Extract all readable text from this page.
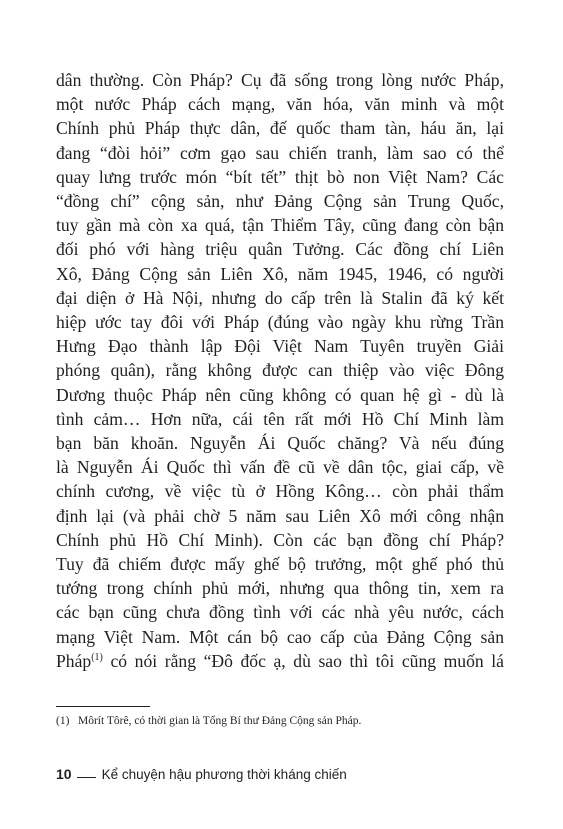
dân thường. Còn Pháp? Cụ đã sống trong lòng nước Pháp,
một nước Pháp cách mạng, văn hóa, văn minh và một
Chính phủ Pháp thực dân, đế quốc tham tàn, háu ăn, lại
đang “đòi hỏi” cơm gạo sau chiến tranh, làm sao có thể
quay lưng trước món “bít tết” thịt bò non Việt Nam? Các
“đồng chí” cộng sản, như Đảng Cộng sản Trung Quốc,
tuy gần mà còn xa quá, tận Thiểm Tây, cũng đang còn bận
đối phó với hàng triệu quân Tưởng. Các đồng chí Liên
Xô, Đảng Cộng sản Liên Xô, năm 1945, 1946, có người
đại diện ở Hà Nội, nhưng do cấp trên là Stalin đã ký kết
hiệp ước tay đôi với Pháp (đúng vào ngày khu rừng Trần
Hưng Đạo thành lập Đội Việt Nam Tuyên truyền Giải
phóng quân), rằng không được can thiệp vào việc Đông
Dương thuộc Pháp nên cũng không có quan hệ gì - dù là
tình cảm… Hơn nữa, cái tên rất mới Hồ Chí Minh làm
bạn băn khoăn. Nguyễn Ái Quốc chăng? Và nếu đúng
là Nguyễn Ái Quốc thì vấn đề cũ về dân tộc, giai cấp, về
chính cương, về việc tù ở Hồng Kông… còn phải thẩm
định lại (và phải chờ 5 năm sau Liên Xô mới công nhận
Chính phủ Hồ Chí Minh). Còn các bạn đồng chí Pháp?
Tuy đã chiếm được mấy ghế bộ trưởng, một ghế phó thủ
tướng trong chính phủ mới, nhưng qua thông tin, xem ra
các bạn cũng chưa đồng tình với các nhà yêu nước, cách
mạng Việt Nam. Một cán bộ cao cấp của Đảng Cộng sản
Pháp$^{(1)}$ có nói rằng “Đô đốc ạ, dù sao thì tôi cũng muốn lá
(1) Môrít Tôrê, có thời gian là Tổng Bí thư Đảng Cộng sản Pháp.
10 Kể chuyện hậu phương thời kháng chiến
